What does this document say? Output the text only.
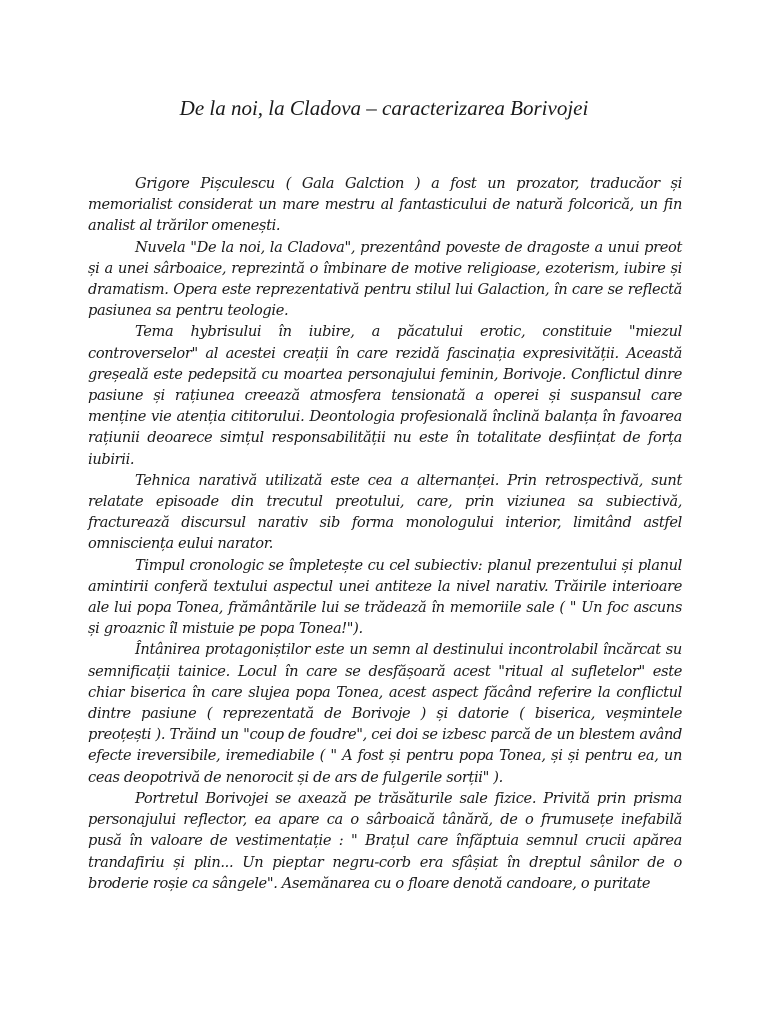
De la noi, la Cladova – caracterizarea Borivojei

Grigore Pișculescu ( Gala Galction ) a fost un prozator, traducăor și memorialist considerat un mare mestru al fantasticului de natură folcorică, un fin analist al trărilor omenești.

Nuvela "De la noi, la Cladova", prezentând poveste de dragoste a unui preot și a unei sârboaice, reprezintă o îmbinare de motive religioase, ezoterism, iubire și dramatism. Opera este reprezentativă pentru stilul lui Galaction, în care se reflectă pasiunea sa pentru teologie.

Tema hybrisului în iubire, a păcatului erotic, constituie "miezul controverselor" al acestei creații în care rezidă fascinația expresivității. Această greșeală este pedepsită cu moartea personajului feminin, Borivoje. Conflictul dinre pasiune și rațiunea creează atmosfera tensionată a operei și suspansul care menține vie atenția cititorului. Deontologia profesională înclină balanța în favoarea rațiunii deoarece simțul responsabilității nu este în totalitate desființat de forța iubirii.

Tehnica narativă utilizată este cea a alternanței. Prin retrospectivă, sunt relatate episoade din trecutul preotului, care, prin viziunea sa subiectivă, fracturează discursul narativ sib forma monologului interior, limitând astfel omnisciența eului narator.

Timpul cronologic se împletește cu cel subiectiv: planul prezentului și planul amintirii conferă textului aspectul unei antiteze la nivel narativ. Trăirile interioare ale lui popa Tonea, frământările lui se trădează în memoriile sale ( " Un foc ascuns și groaznic îl mistuie pe popa Tonea!").

Întânirea protagoniștilor este un semn al destinului incontrolabil încărcat su semnificații tainice. Locul în care se desfășoară acest "ritual al sufletelor" este chiar biserica în care slujea popa Tonea, acest aspect făcând referire la conflictul dintre pasiune ( reprezentată de Borivoje ) și datorie ( biserica, veșmintele preoțești ). Trăind un "coup de foudre", cei doi se izbesc parcă de un blestem având efecte ireversibile, iremediabile ( " A fost și pentru popa Tonea, și și pentru ea, un ceas deopotrivă de nenorocit și de ars de fulgerile sorții" ).

Portretul Borivojei se axează pe trăsăturile sale fizice. Privită prin prisma personajului reflector, ea apare ca o sârboaică tânără, de o frumusețe inefabilă pusă în valoare de vestimentație : " Brațul care înfăptuia semnul crucii apărea trandafiriu și plin... Un pieptar negru-corb era sfâșiat în dreptul sânilor de o broderie roșie ca sângele". Asemănarea cu o floare denotă candoare, o puritate
